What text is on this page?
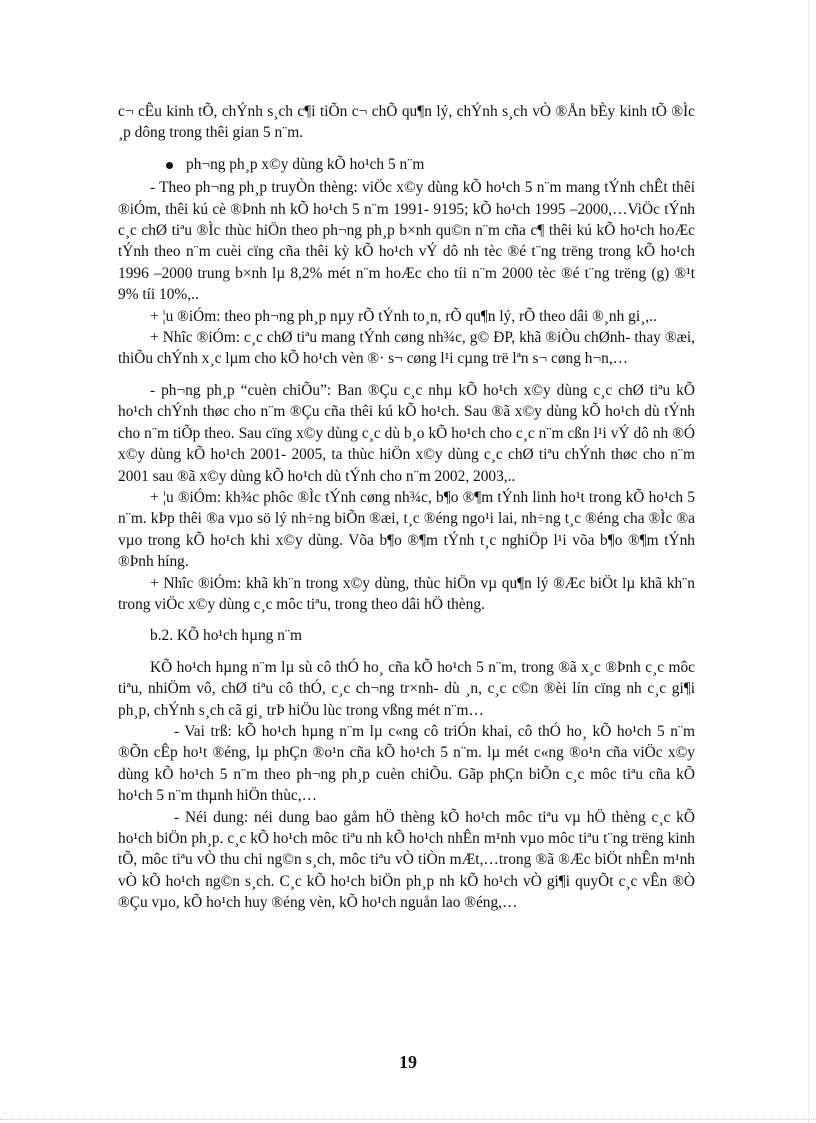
c¬ cÊu kinh tÕ, chÝnh s¸ch c¶i tiÕn c¬ chÕ qu¶n lý, chÝnh s¸ch vÒ ®Ån bÈy kinh tÕ ®Ìc ¸p dông trong thêi gian 5 n¨m.

ph¬ng ph¸p x©y dùng kÕ ho¹ch 5 n¨m

- Theo ph¬ng ph¸p truyÒn thèng: viÖc x©y dùng kÕ ho¹ch 5 n¨m mang tÝnh chÊt thêi ®iÓm, thêi kú cè ®Þnh nh kÕ ho¹ch 5 n¨m 1991- 9195; kÕ ho¹ch 1995 –2000,…ViÖc tÝnh c¸c chØ tiªu ®Ìc thùc hiÖn theo ph¬ng ph¸p b×nh qu©n n¨m cña c¶ thêi kú kÕ ho¹ch hoÆc tÝnh theo n¨m cuèi cïng cña thêi kỳ kÕ ho¹ch vÝ dô nh tèc ®é t¨ng trëng trong kÕ ho¹ch 1996 –2000 trung b×nh lµ 8,2% mét n¨m hoÆc cho tíi n¨m 2000 tèc ®é t¨ng trëng (g) ®¹t 9% tíi 10%,..

+ ¦u ®iÓm: theo ph¬ng ph¸p nµy rÕ tÝnh to¸n, rÕ qu¶n lý, rÕ theo dâi ®¸nh gi¸,..

+ Nhîc ®iÓm: c¸c chØ tiªu mang tÝnh cøng nh¾c, g© ÐP, khã ®iÒu chØnh- thay ®æi, thiÕu chÝnh x¸c lµm cho kÕ ho¹ch vèn ®· s¬ cøng l¹i cµng trë lªn s¬ cøng h¬n,…

- ph¬ng ph¸p “cuèn chiÕu”: Ban ®Çu c¸c nhµ kÕ ho¹ch x©y dùng c¸c chØ tiªu kÕ ho¹ch chÝnh thøc cho n¨m ®Çu cña thêi kú kÕ ho¹ch. Sau ®ã x©y dùng kÕ ho¹ch dù tÝnh cho n¨m tiÕp theo. Sau cïng x©y dùng c¸c dù b¸o kÕ ho¹ch cho c¸c n¨m cßn l¹i vÝ dô nh ®Ó x©y dùng kÕ ho¹ch 2001- 2005, ta thùc hiÖn x©y dùng c¸c chØ tiªu chÝnh thøc cho n¨m 2001 sau ®ã x©y dùng kÕ ho¹ch dù tÝnh cho n¨m 2002, 2003,..

+ ¦u ®iÓm: kh¾c phôc ®Ìc tÝnh cøng nh¾c, b¶o ®¶m tÝnh linh ho¹t trong kÕ ho¹ch 5 n¨m. kÞp thêi ®a vµo sö lý nh÷ng biÕn ®æi, t¸c ®éng ngo¹i lai, nh÷ng t¸c ®éng cha ®Ìc ®a vµo trong kÕ ho¹ch khi x©y dùng. Võa b¶o ®¶m tÝnh t¸c nghiÖp l¹i võa b¶o ®¶m tÝnh ®Þnh híng.

+ Nhîc ®iÓm: khã kh¨n trong x©y dùng, thùc hiÖn vµ qu¶n lý ®Æc biÖt lµ khã kh¨n trong viÖc x©y dùng c¸c môc tiªu, trong theo dâi hÖ thèng.

b.2. KÕ ho¹ch hµng n¨m

KÕ ho¹ch hµng n¨m lµ sù cô thÓ ho¸ cña kÕ ho¹ch 5 n¨m, trong ®ã x¸c ®Þnh c¸c môc tiªu, nhiÖm vô, chØ tiªu cô thÓ, c¸c ch¬ng tr×nh- dù ¸n, c¸c c©n ®èi lín cïng nh c¸c gi¶i ph¸p, chÝnh s¸ch cã gi¸ trÞ hiÖu lùc trong vßng mét n¨m…

- Vai trß: kÕ ho¹ch hµng n¨m lµ c«ng cô triÓn khai, cô thÓ ho¸ kÕ ho¹ch 5 n¨m ®Õn cÊp ho¹t ®éng, lµ phÇn ®o¹n cña kÕ ho¹ch 5 n¨m. lµ mét c«ng ®o¹n cña viÖc x©y dùng kÕ ho¹ch 5 n¨m theo ph¬ng ph¸p cuèn chiÕu. Gãp phÇn biÕn c¸c môc tiªu cña kÕ ho¹ch 5 n¨m thµnh hiÖn thùc,…

- Néi dung: néi dung bao gåm hÖ thèng kÕ ho¹ch môc tiªu vµ hÖ thèng c¸c kÕ ho¹ch biÖn ph¸p. c¸c kÕ ho¹ch môc tiªu nh kÕ ho¹ch nhÊn m¹nh vµo môc tiªu t¨ng trëng kinh tÕ, môc tiªu vÒ thu chi ng©n s¸ch, môc tiªu vÒ tiÒn mÆt,…trong ®ã ®Æc biÖt nhÊn m¹nh vÒ kÕ ho¹ch ng©n s¸ch. C¸c kÕ ho¹ch biÖn ph¸p nh kÕ ho¹ch vÒ gi¶i quyÕt c¸c vÊn ®Ò ®Çu vµo, kÕ ho¹ch huy ®éng vèn, kÕ ho¹ch nguån lao ®éng,…

19
